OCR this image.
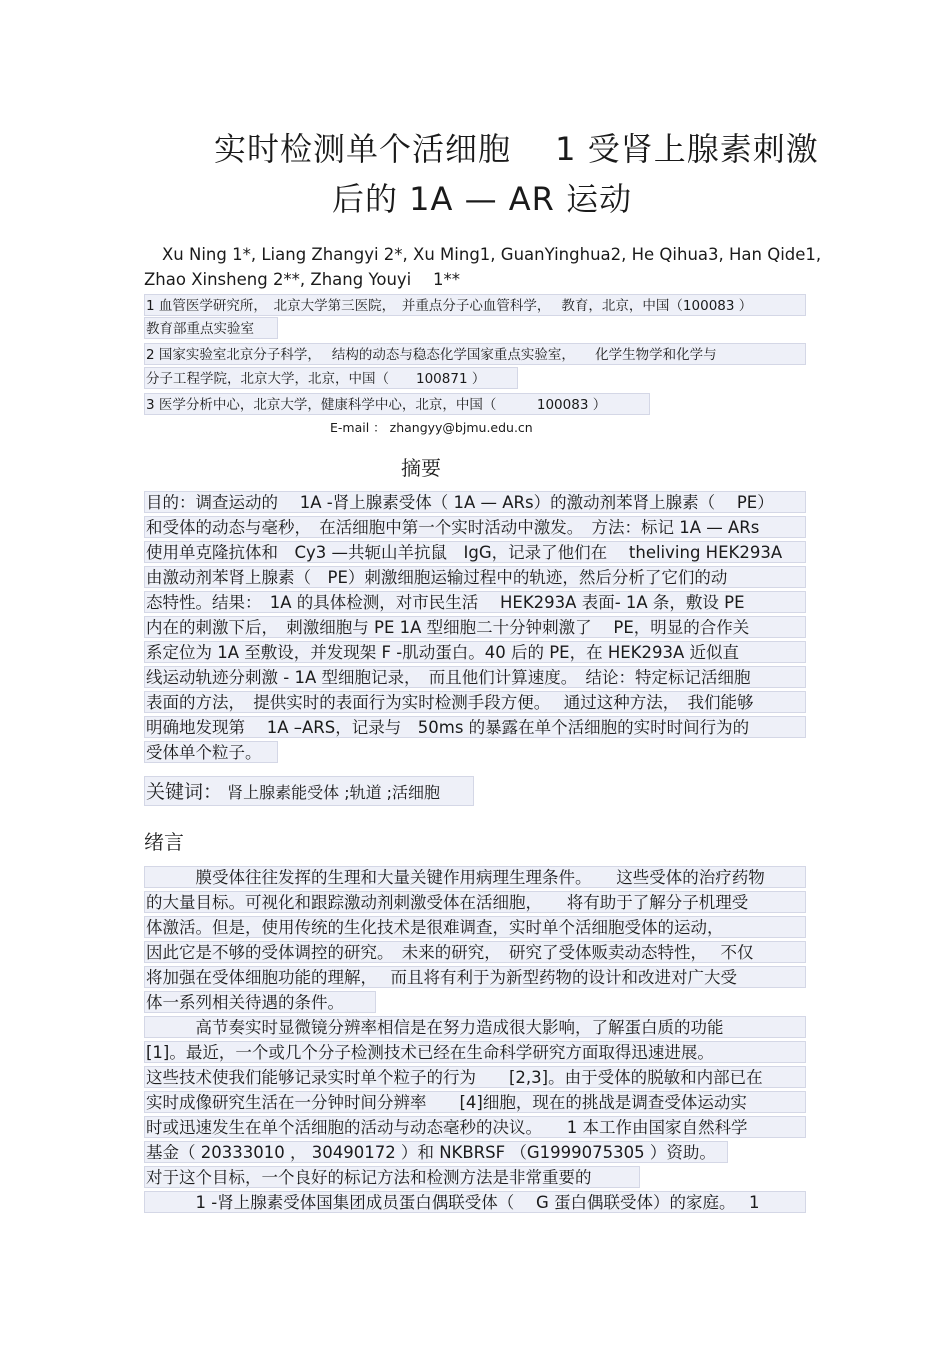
实时检测单个活细胞　 1 受肾上腺素刺激
后的 1A — AR 运动
Xu Ning 1*, Liang Zhangyi 2*, Xu Ming1, GuanYinghua2, He Qihua3, Han Qide1,
Zhao Xinsheng 2**, Zhang Youyi　 1**
1 血管医学研究所，　北京大学第三医院，　并重点分子心血管科学，　 教育，北京，中国（100083 ）
教育部重点实验室
2 国家实验室北京分子科学，　 结构的动态与稳态化学国家重点实验室，　　化学生物学和化学与
分子工程学院，北京大学，北京，中国（　　100871 ）
3 医学分析中心，北京大学，健康科学中心，北京，中国（　　　100083 ）
E-mail ： zhangyy@bjmu.edu.cn
摘要
目的：调查运动的　 1A -肾上腺素受体（ 1A — ARs）的激动剂苯肾上腺素（　 PE）
和受体的动态与毫秒，　在活细胞中第一个实时活动中激发。　方法：标记 1A — ARs
使用单克隆抗体和　Cy3 —共轭山羊抗鼠　IgG，记录了他们在　 theliving HEK293A
由激动剂苯肾上腺素（　PE）刺激细胞运输过程中的轨迹，然后分析了它们的动
态特性。结果：　1A 的具体检测，对市民生活　 HEK293A 表面- 1A 条，敷设 PE
内在的刺激下后，　刺激细胞与 PE 1A 型细胞二十分钟刺激了　 PE，明显的合作关
系定位为 1A 至敷设，并发现架 F -肌动蛋白。40 后的 PE，在 HEK293A 近似直
线运动轨迹分刺激 - 1A 型细胞记录，　而且他们计算速度。　结论：特定标记活细胞
表面的方法，　提供实时的表面行为实时检测手段方便。　 通过这种方法，　我们能够
明确地发现第　 1A –ARS，记录与　50ms 的暴露在单个活细胞的实时时间行为的
受体单个粒子。
关键词： 肾上腺素能受体 ;轨道 ;活细胞
绪言
　　　膜受体往往发挥的生理和大量关键作用病理生理条件。　　这些受体的治疗药物
的大量目标。可视化和跟踪激动剂刺激受体在活细胞，　　将有助于了解分子机理受
体激活。但是，使用传统的生化技术是很难调查，实时单个活细胞受体的运动，
因此它是不够的受体调控的研究。　未来的研究，　研究了受体贩卖动态特性，　 不仅
将加强在受体细胞功能的理解，　 而且将有利于为新型药物的设计和改进对广大受
体一系列相关待遇的条件。
　　　高节奏实时显微镜分辨率相信是在努力造成很大影响，了解蛋白质的功能
[1]。最近，一个或几个分子检测技术已经在生命科学研究方面取得迅速进展。
这些技术使我们能够记录实时单个粒子的行为　　[2,3]。由于受体的脱敏和内部已在
实时成像研究生活在一分钟时间分辨率　　[4]细胞，现在的挑战是调查受体运动实
时或迅速发生在单个活细胞的活动与动态毫秒的决议。　　1 本工作由国家自然科学
基金（ 20333010 ， 30490172 ）和 NKBRSF （G1999075305 ）资助。
对于这个目标，一个良好的标记方法和检测方法是非常重要的
　　　1 -肾上腺素受体国集团成员蛋白偶联受体（　 G 蛋白偶联受体）的家庭。　 1
